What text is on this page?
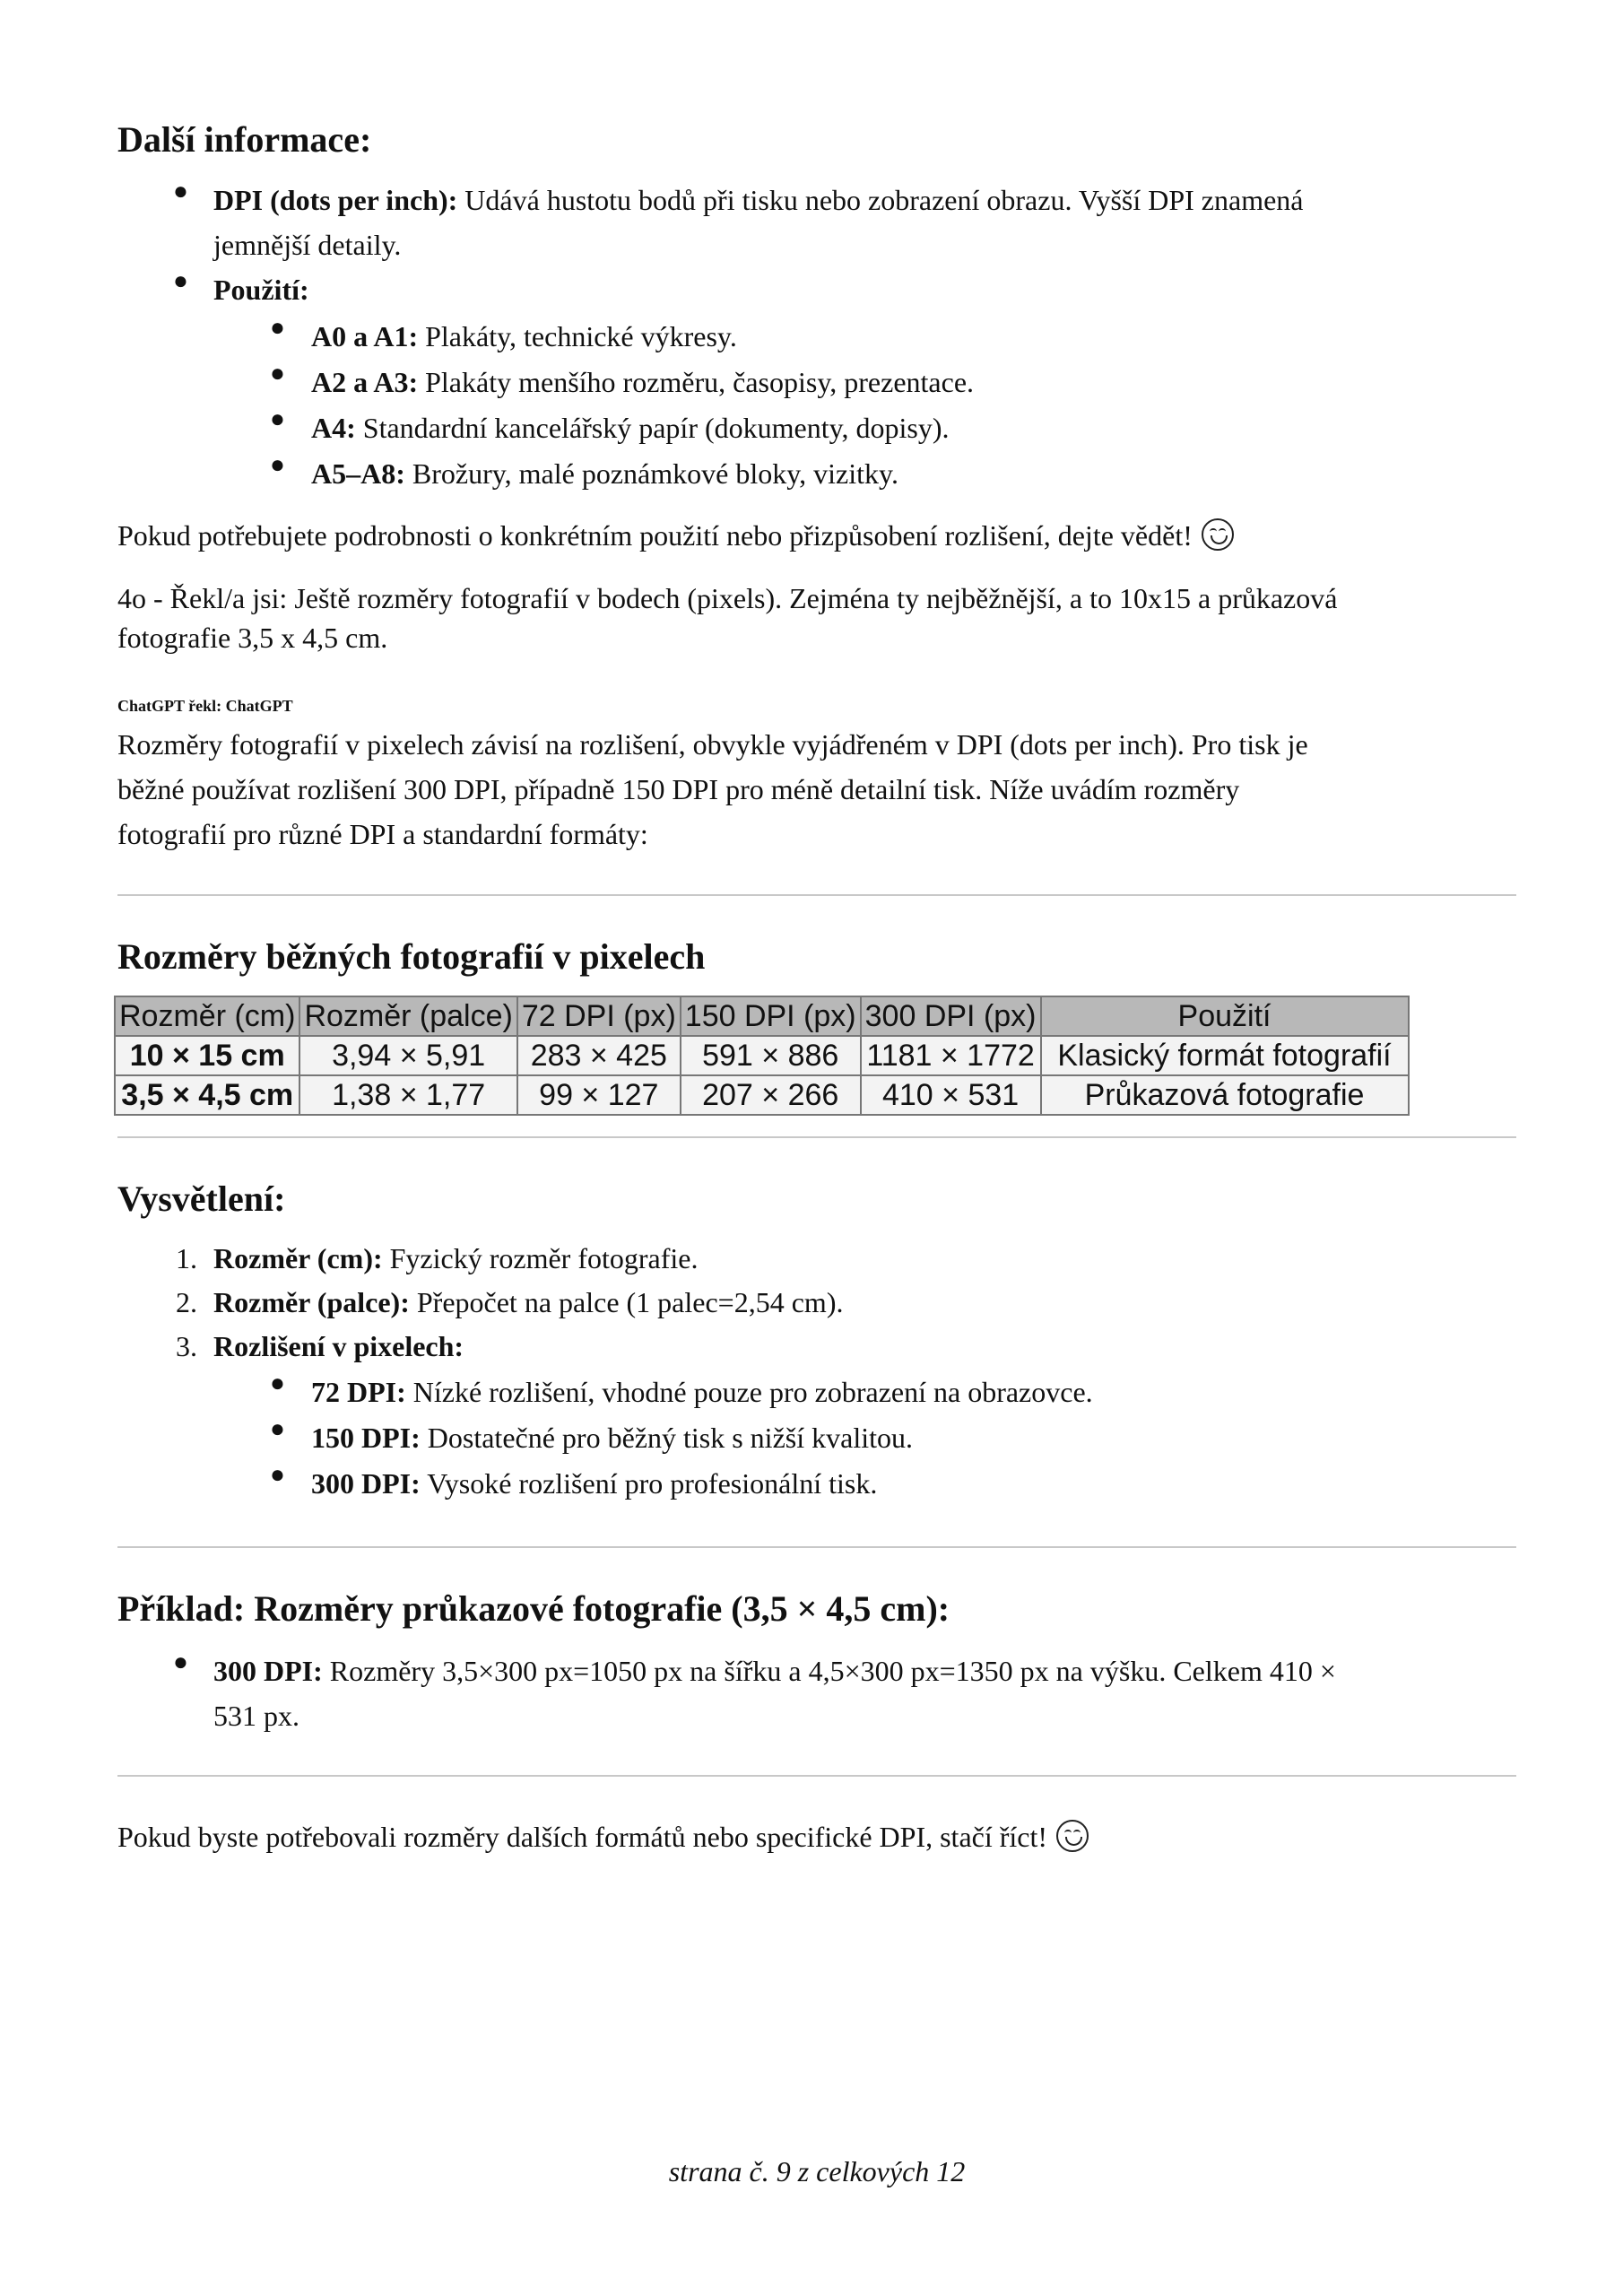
Další informace:
● DPI (dots per inch): Udává hustotu bodů při tisku nebo zobrazení obrazu. Vyšší DPI znamená
jemnější detaily.

● Použití:

● A0 a A1: Plakáty, technické výkresy.

● A2 a A3: Plakáty menšího rozměru, časopisy, prezentace.

● A4: Standardní kancelářský papír (dokumenty, dopisy).

● A5–A8: Brožury, malé poznámkové bloky, vizitky.

Pokud potřebujete podrobnosti o konkrétním použití nebo přizpůsobení rozlišení, dejte vědět!

4o - Řekl/a jsi: Ještě rozměry fotografií v bodech (pixels). Zejména ty nejběžnější, a to 10x15 a průkazová
fotografie 3,5 x 4,5 cm.

ChatGPT řekl: ChatGPT

Rozměry fotografií v pixelech závisí na rozlišení, obvykle vyjádřeném v DPI (dots per inch). Pro tisk je
běžné používat rozlišení 300 DPI, případně 150 DPI pro méně detailní tisk. Níže uvádím rozměry
fotografií pro různé DPI a standardní formáty:

Rozměry běžných fotografií v pixelech
Rozměr (cm)	Rozměr (palce)	72 DPI (px)	150 DPI (px)	300 DPI (px)	Použití
10 × 15 cm	3,94 × 5,91	283 × 425	591 × 886	1181 × 1772	Klasický formát fotografií
3,5 × 4,5 cm	1,38 × 1,77	99 × 127	207 × 266	410 × 531	Průkazová fotografie
Vysvětlení:
1. Rozměr (cm): Fyzický rozměr fotografie.

2. Rozměr (palce): Přepočet na palce (1 palec=2,54 cm).

3. Rozlišení v pixelech:

● 72 DPI: Nízké rozlišení, vhodné pouze pro zobrazení na obrazovce.

● 150 DPI: Dostatečné pro běžný tisk s nižší kvalitou.

● 300 DPI: Vysoké rozlišení pro profesionální tisk.

Příklad: Rozměry průkazové fotografie (3,5 × 4,5 cm):
● 300 DPI: Rozměry 3,5×300 px=1050 px na šířku a 4,5×300 px=1350 px na výšku. Celkem 410 ×
531 px.

Pokud byste potřebovali rozměry dalších formátů nebo specifické DPI, stačí říct!

strana č. 9 z celkových 12
